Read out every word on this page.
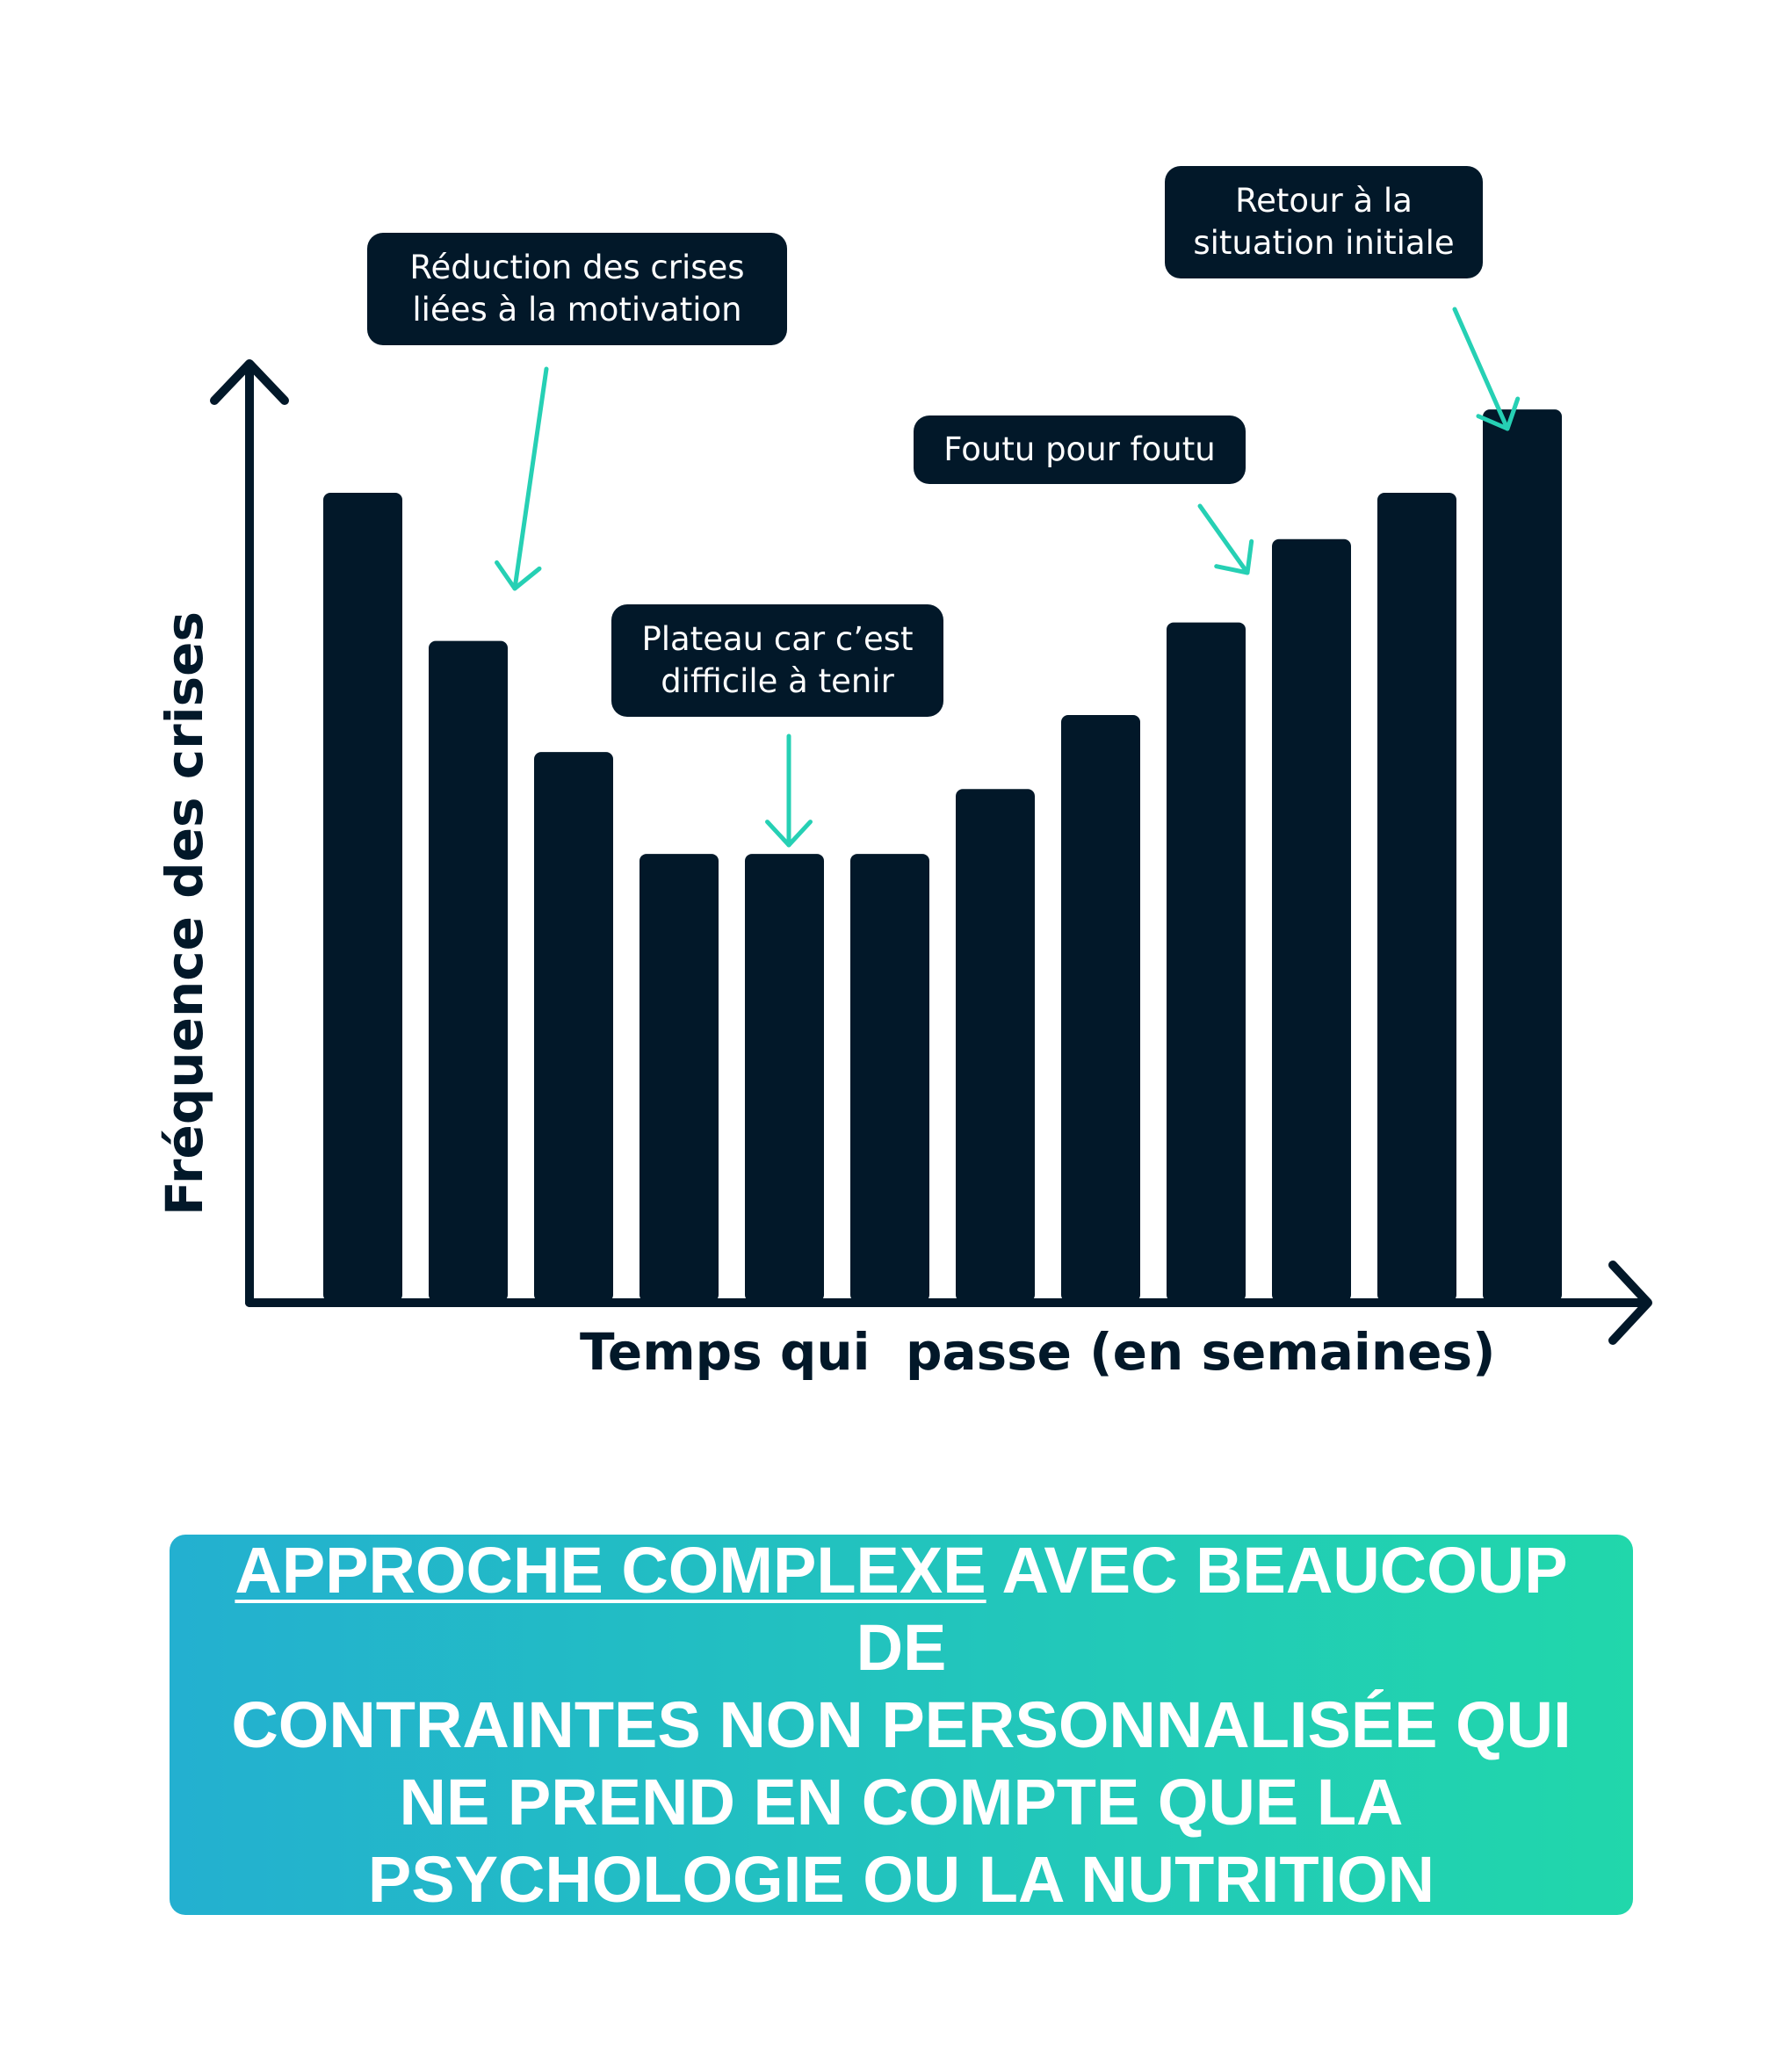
Réduction des crises
liées à la motivation
Plateau car c’est
difficile à tenir
Foutu pour foutu
Retour à la
situation initiale
Temps qui  passe (en semaines)
Fréquence des crises
APPROCHE COMPLEXE AVEC BEAUCOUP DE
CONTRAINTES NON PERSONNALISÉE QUI
NE PREND EN COMPTE QUE LA
PSYCHOLOGIE OU LA NUTRITION
